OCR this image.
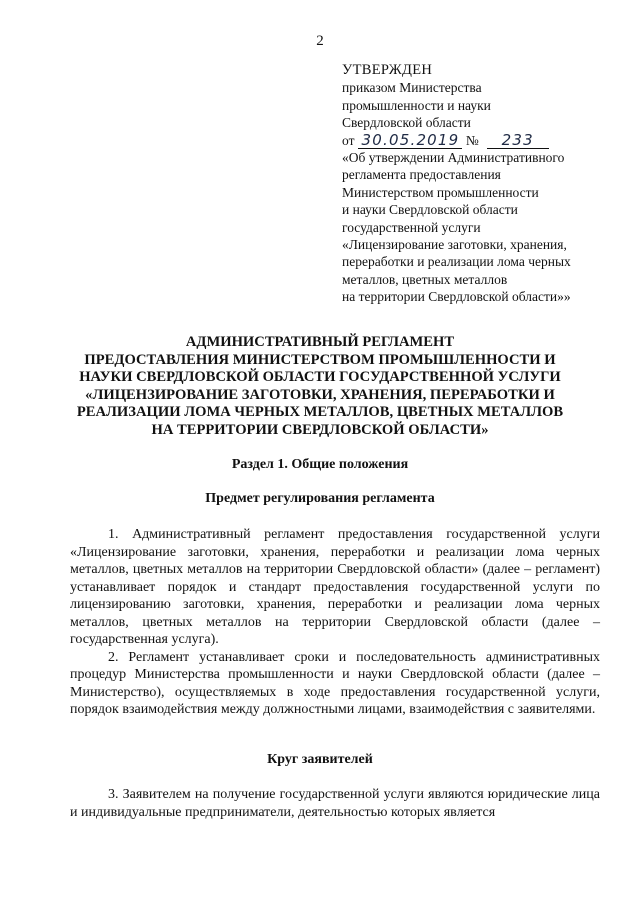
2
УТВЕРЖДЕН
приказом Министерства
промышленности и науки
Свердловской области
от 30.05.2019 № 233
«Об утверждении Административного
регламента предоставления
Министерством промышленности
и науки Свердловской области
государственной услуги
«Лицензирование заготовки, хранения,
переработки и реализации лома черных
металлов, цветных металлов
на территории Свердловской области»»
АДМИНИСТРАТИВНЫЙ РЕГЛАМЕНТ
ПРЕДОСТАВЛЕНИЯ МИНИСТЕРСТВОМ ПРОМЫШЛЕННОСТИ И
НАУКИ СВЕРДЛОВСКОЙ ОБЛАСТИ ГОСУДАРСТВЕННОЙ УСЛУГИ
«ЛИЦЕНЗИРОВАНИЕ ЗАГОТОВКИ, ХРАНЕНИЯ, ПЕРЕРАБОТКИ И
РЕАЛИЗАЦИИ ЛОМА ЧЕРНЫХ МЕТАЛЛОВ, ЦВЕТНЫХ МЕТАЛЛОВ
НА ТЕРРИТОРИИ СВЕРДЛОВСКОЙ ОБЛАСТИ»
Раздел 1. Общие положения
Предмет регулирования регламента

1. Административный регламент предоставления государственной услуги «Лицензирование заготовки, хранения, переработки и реализации лома черных металлов, цветных металлов на территории Свердловской области» (далее – регламент) устанавливает порядок и стандарт предоставления государственной услуги по лицензированию заготовки, хранения, переработки и реализации лома черных металлов, цветных металлов на территории Свердловской области (далее – государственная услуга).

2. Регламент устанавливает сроки и последовательность административных процедур Министерства промышленности и науки Свердловской области (далее – Министерство), осуществляемых в ходе предоставления государственной услуги, порядок взаимодействия между должностными лицами, взаимодействия с заявителями.

Круг заявителей

3. Заявителем на получение государственной услуги являются юридические лица и индивидуальные предприниматели, деятельностью которых является
